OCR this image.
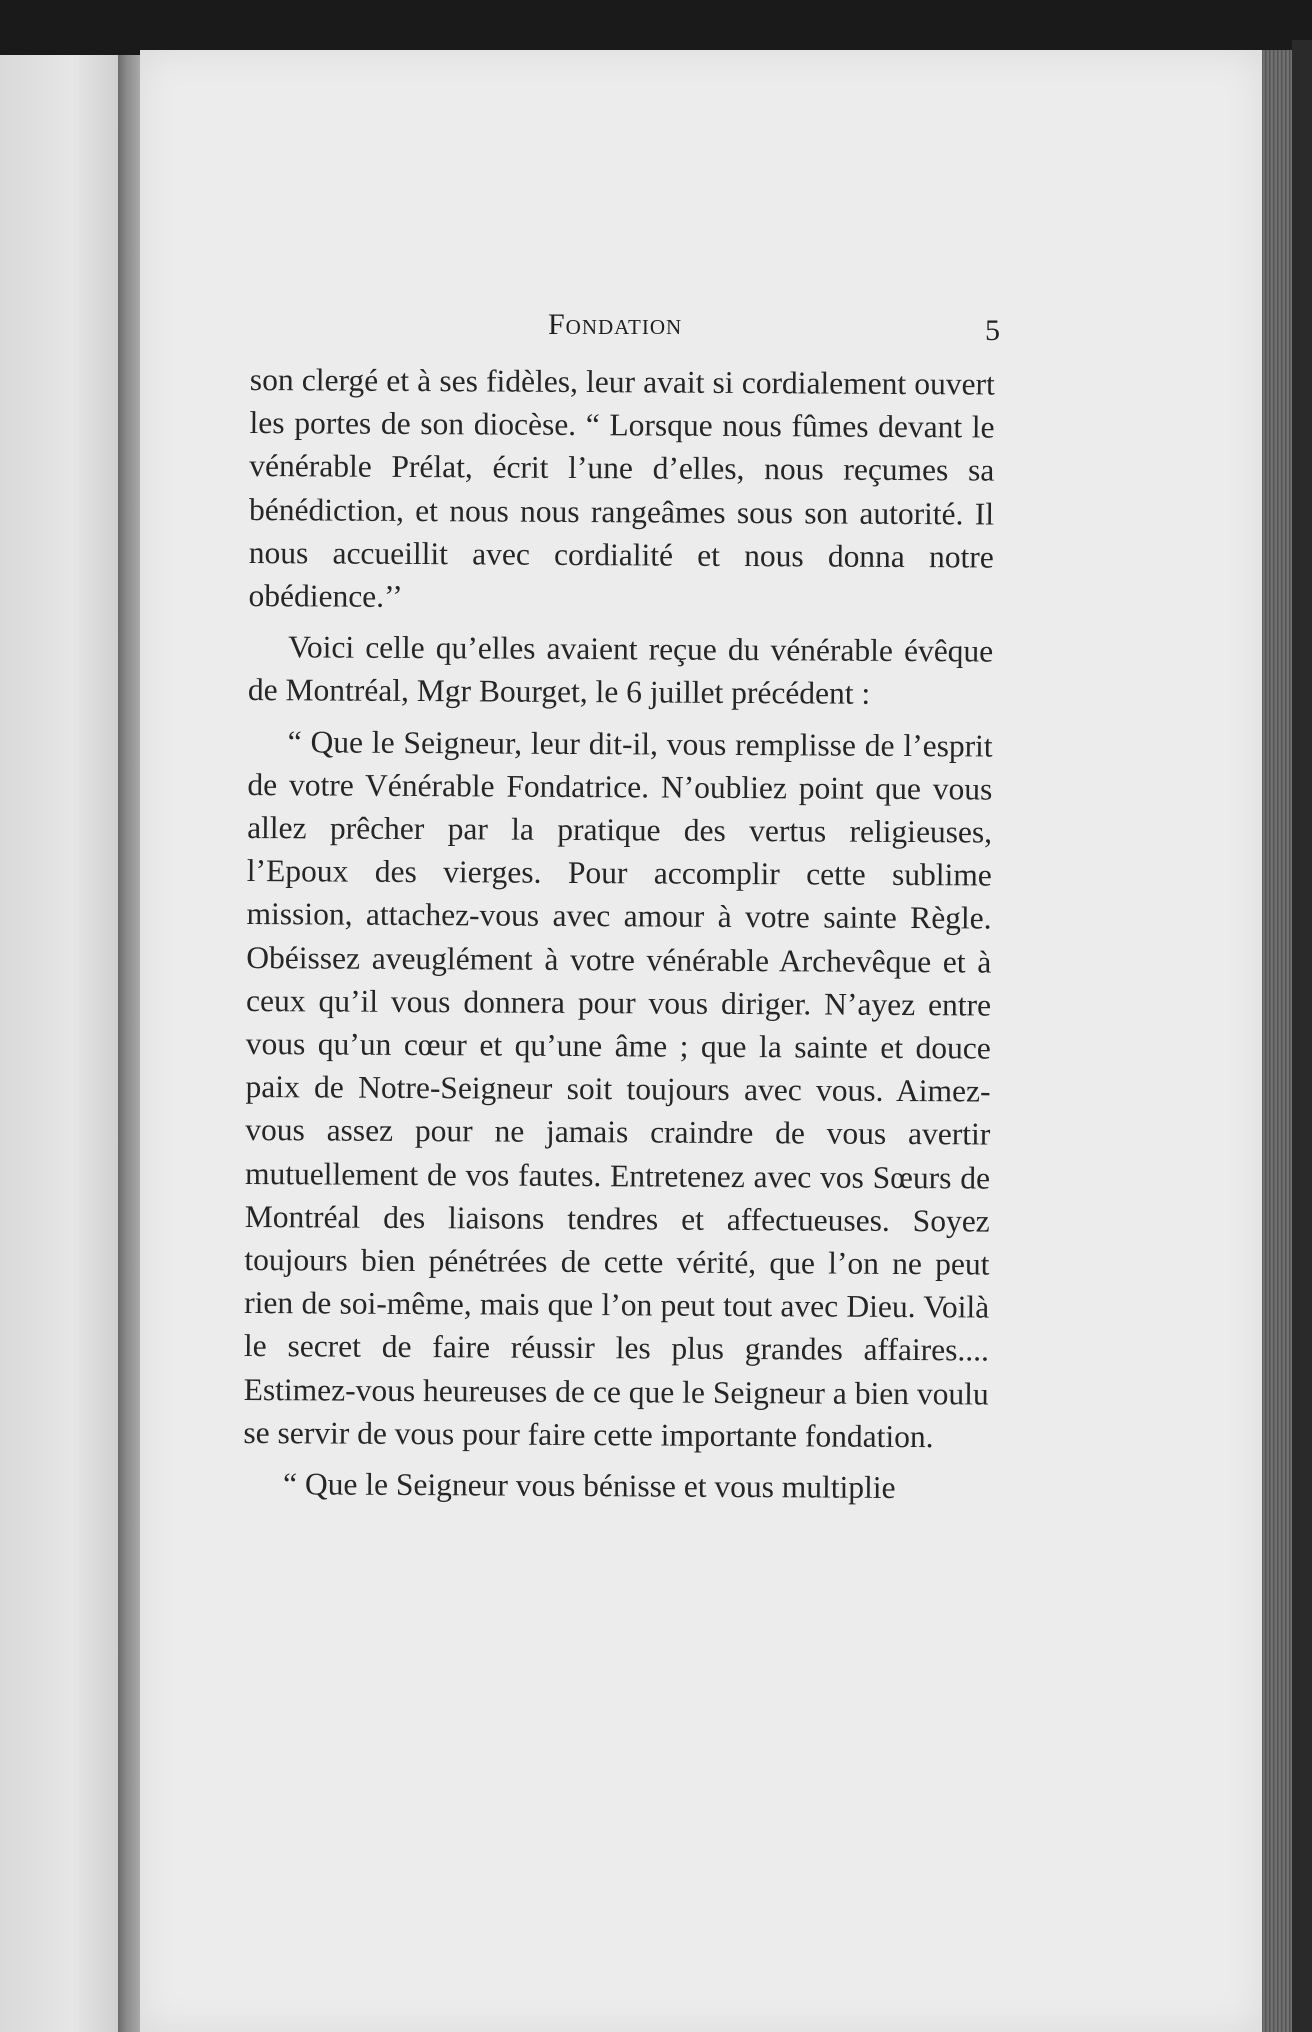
Fondation	5

son clergé et à ses fidèles, leur avait si cordialement ouvert les portes de son diocèse. “ Lorsque nous fûmes devant le vénérable Prélat, écrit l’une d’elles, nous reçumes sa bénédiction, et nous nous rangeâmes sous son autorité. Il nous accueillit avec cordialité et nous donna notre obédience.’’

Voici celle qu’elles avaient reçue du vénérable évêque de Montréal, Mgr Bourget, le 6 juillet précédent :

“ Que le Seigneur, leur dit-il, vous remplisse de l’esprit de votre Vénérable Fondatrice. N’oubliez point que vous allez prêcher par la pratique des vertus religieuses, l’Epoux des vierges. Pour accomplir cette sublime mission, attachez-vous avec amour à votre sainte Règle. Obéissez aveuglément à votre vénérable Archevêque et à ceux qu’il vous donnera pour vous diriger. N’ayez entre vous qu’un cœur et qu’une âme ; que la sainte et douce paix de Notre-Seigneur soit toujours avec vous. Aimez-vous assez pour ne jamais craindre de vous avertir mutuellement de vos fautes. Entretenez avec vos Sœurs de Montréal des liaisons tendres et affectueuses. Soyez toujours bien pénétrées de cette vérité, que l’on ne peut rien de soi-même, mais que l’on peut tout avec Dieu. Voilà le secret de faire réussir les plus grandes affaires.... Estimez-vous heureuses de ce que le Seigneur a bien voulu se servir de vous pour faire cette importante fondation.

“ Que le Seigneur vous bénisse et vous multiplie
